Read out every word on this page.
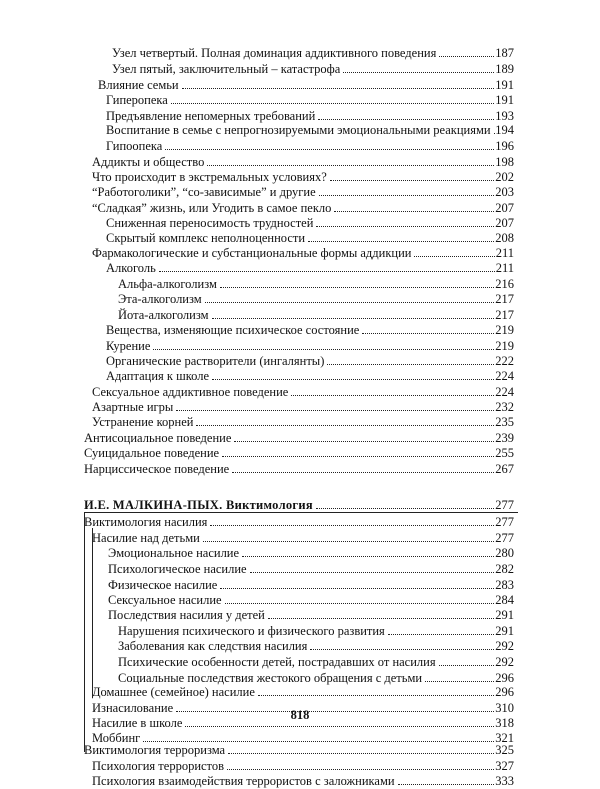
Узел четвертый. Полная доминация аддиктивного поведения	187
Узел пятый, заключительный – катастрофа	189
Влияние семьи	191
Гиперопека	191
Предъявление непомерных требований	193
Воспитание в семье с непрогнозируемыми эмоциональными реакциями 194
Гипоопека	196
Аддикты и общество	198
Что происходит в экстремальных условиях?	202
“Работоголики”, “со-зависимые” и другие	203
“Сладкая” жизнь, или Угодить в самое пекло	207
Сниженная переносимость трудностей	207
Скрытый комплекс неполноценности	208
Фармакологические и субстанциональные формы аддикции	211
Алкоголь	211
Альфа-алкоголизм	216
Эта-алкоголизм	217
Йота-алкоголизм	217
Вещества, изменяющие психическое состояние	219
Курение	219
Органические растворители (ингалянты)	222
Адаптация к школе	224
Сексуальное аддиктивное поведение	224
Азартные игры	232
Устранение корней	235
Антисоциальное поведение	239
Суицидальное поведение	255
Нарциссическое поведение	267
И.Е. МАЛКИНА-ПЫХ. Виктимология	277
Виктимология насилия	277
Насилие над детьми	277
Эмоциональное насилие	280
Психологическое насилие	282
Физическое насилие	283
Сексуальное насилие	284
Последствия насилия у детей	291
Нарушения психического и физического развития	291
Заболевания как следствия насилия	292
Психические особенности детей, пострадавших от насилия	292
Социальные последствия жестокого обращения с детьми	296
Домашнее (семейное) насилие	296
Изнасилование	310
Насилие в школе	318
Моббинг	321
Виктимология терроризма	325
Психология террористов	327
Психология взаимодействия террористов с заложниками	333
818
